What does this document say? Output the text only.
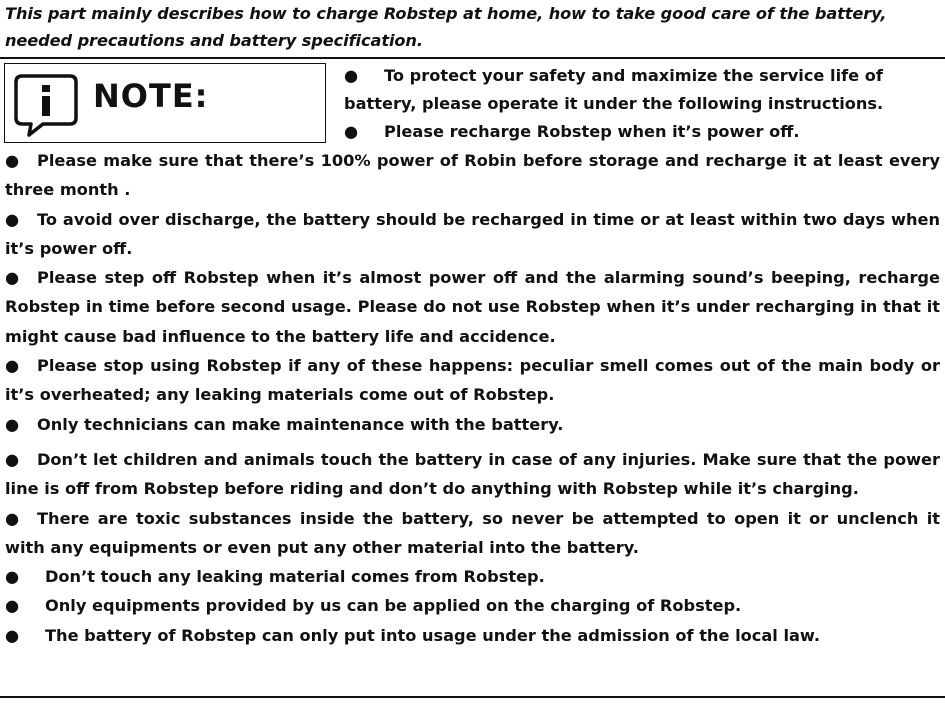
This part mainly describes how to charge Robstep at home, how to take good care of the battery, needed precautions and battery specification.
NOTE:
● To protect your safety and maximize the service life of
battery, please operate it under the following instructions.
● Please recharge Robstep when it’s power off.
● Please make sure that there’s 100% power of Robin before storage and recharge it at least every three month .
● To avoid over discharge, the battery should be recharged in time or at least within two days when it’s power off.
● Please step off Robstep when it’s almost power off and the alarming sound’s beeping, recharge Robstep in time before second usage. Please do not use Robstep when it’s under recharging in that it might cause bad influence to the battery life and accidence.
● Please stop using Robstep if any of these happens: peculiar smell comes out of the main body or it’s overheated; any leaking materials come out of Robstep.
● Only technicians can make maintenance with the battery.
● Don’t let children and animals touch the battery in case of any injuries. Make sure that the power line is off from Robstep before riding and don’t do anything with Robstep while it’s charging.
● There are toxic substances inside the battery, so never be attempted to open it or unclench it with any equipments or even put any other material into the battery.
● Don’t touch any leaking material comes from Robstep.
● Only equipments provided by us can be applied on the charging of Robstep.
● The battery of Robstep can only put into usage under the admission of the local law.
